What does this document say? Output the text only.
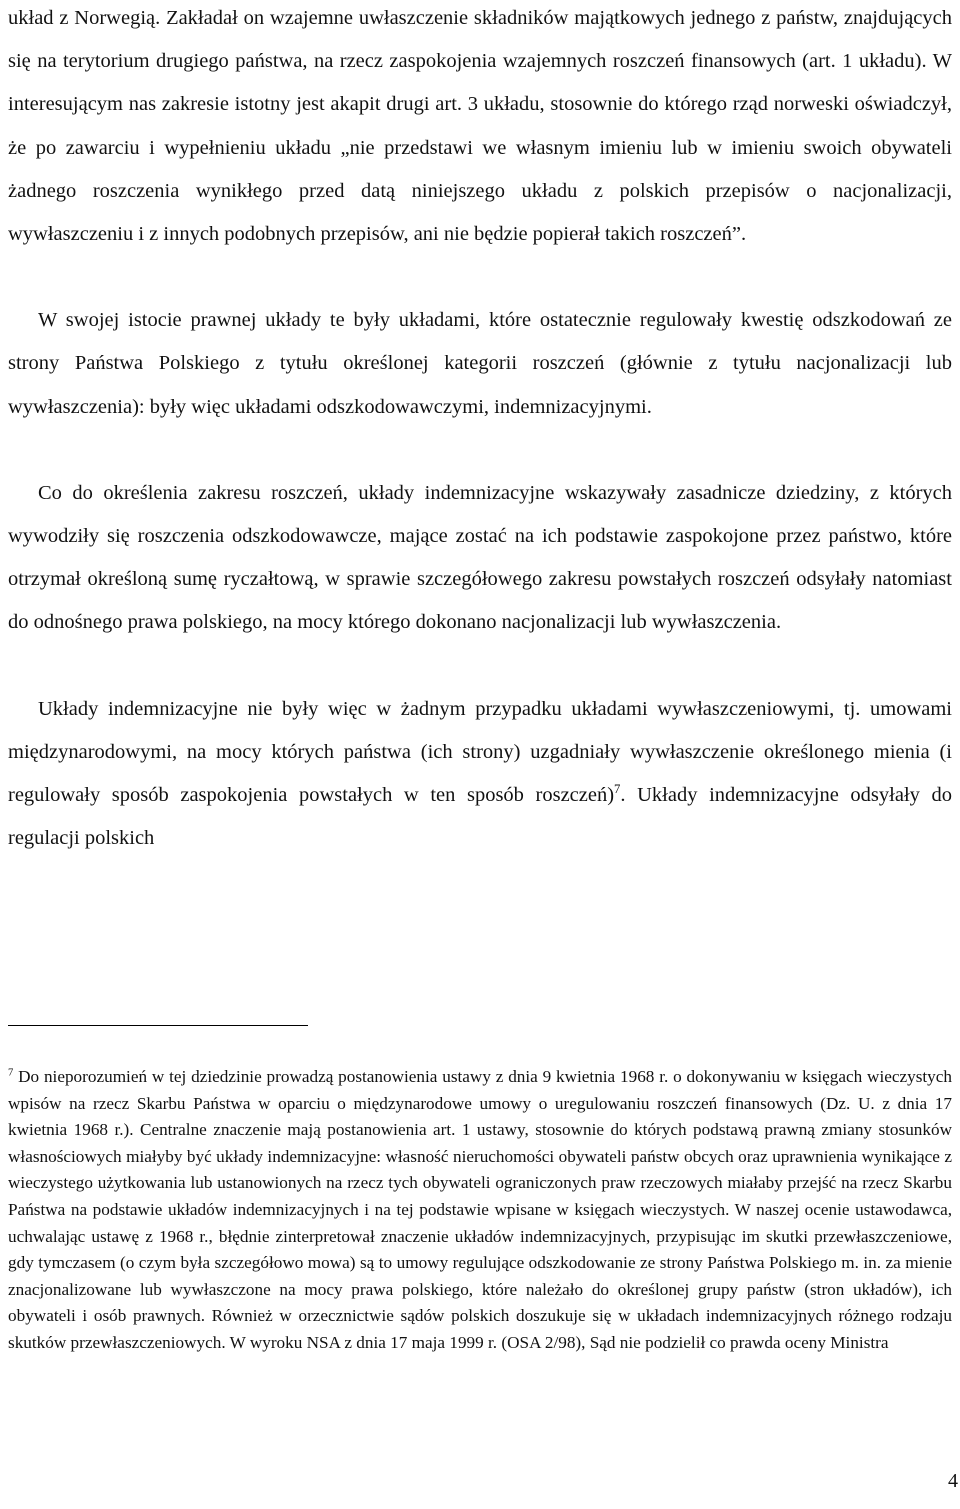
układ z Norwegią. Zakładał on wzajemne uwłaszczenie składników majątkowych jednego z państw, znajdujących się na terytorium drugiego państwa, na rzecz zaspokojenia wzajemnych roszczeń finansowych (art. 1 układu). W interesującym nas zakresie istotny jest akapit drugi art. 3 układu, stosownie do którego rząd norweski oświadczył, że po zawarciu i wypełnieniu układu „nie przedstawi we własnym imieniu lub w imieniu swoich obywateli żadnego roszczenia wynikłego przed datą niniejszego układu z polskich przepisów o nacjonalizacji, wywłaszczeniu i z innych podobnych przepisów, ani nie będzie popierał takich roszczeń”.

W swojej istocie prawnej układy te były układami, które ostatecznie regulowały kwestię odszkodowań ze strony Państwa Polskiego z tytułu określonej kategorii roszczeń (głównie z tytułu nacjonalizacji lub wywłaszczenia): były więc układami odszkodowawczymi, indemnizacyjnymi.

Co do określenia zakresu roszczeń, układy indemnizacyjne wskazywały zasadnicze dziedziny, z których wywodziły się roszczenia odszkodowawcze, mające zostać na ich podstawie zaspokojone przez państwo, które otrzymał określoną sumę ryczałtową, w sprawie szczegółowego zakresu powstałych roszczeń odsyłały natomiast do odnośnego prawa polskiego, na mocy którego dokonano nacjonalizacji lub wywłaszczenia.

Układy indemnizacyjne nie były więc w żadnym przypadku układami wywłaszczeniowymi, tj. umowami międzynarodowymi, na mocy których państwa (ich strony) uzgadniały wywłaszczenie określonego mienia (i regulowały sposób zaspokojenia powstałych w ten sposób roszczeń)$^7$. Układy indemnizacyjne odsyłały do regulacji polskich

$^7$ Do nieporozumień w tej dziedzinie prowadzą postanowienia ustawy z dnia 9 kwietnia 1968 r. o dokonywaniu w księgach wieczystych wpisów na rzecz Skarbu Państwa w oparciu o międzynarodowe umowy o uregulowaniu roszczeń finansowych (Dz. U. z dnia 17 kwietnia 1968 r.). Centralne znaczenie mają postanowienia art. 1 ustawy, stosownie do których podstawą prawną zmiany stosunków własnościowych miałyby być układy indemnizacyjne: własność nieruchomości obywateli państw obcych oraz uprawnienia wynikające z wieczystego użytkowania lub ustanowionych na rzecz tych obywateli ograniczonych praw rzeczowych miałaby przejść na rzecz Skarbu Państwa na podstawie układów indemnizacyjnych i na tej podstawie wpisane w księgach wieczystych. W naszej ocenie ustawodawca, uchwalając ustawę z 1968 r., błędnie zinterpretował znaczenie układów indemnizacyjnych, przypisując im skutki przewłaszczeniowe, gdy tymczasem (o czym była szczegółowo mowa) są to umowy regulujące odszkodowanie ze strony Państwa Polskiego m. in. za mienie znacjonalizowane lub wywłaszczone na mocy prawa polskiego, które należało do określonej grupy państw (stron układów), ich obywateli i osób prawnych. Również w orzecznictwie sądów polskich doszukuje się w układach indemnizacyjnych różnego rodzaju skutków przewłaszczeniowych. W wyroku NSA z dnia 17 maja 1999 r. (OSA 2/98), Sąd nie podzielił co prawda oceny Ministra

4
